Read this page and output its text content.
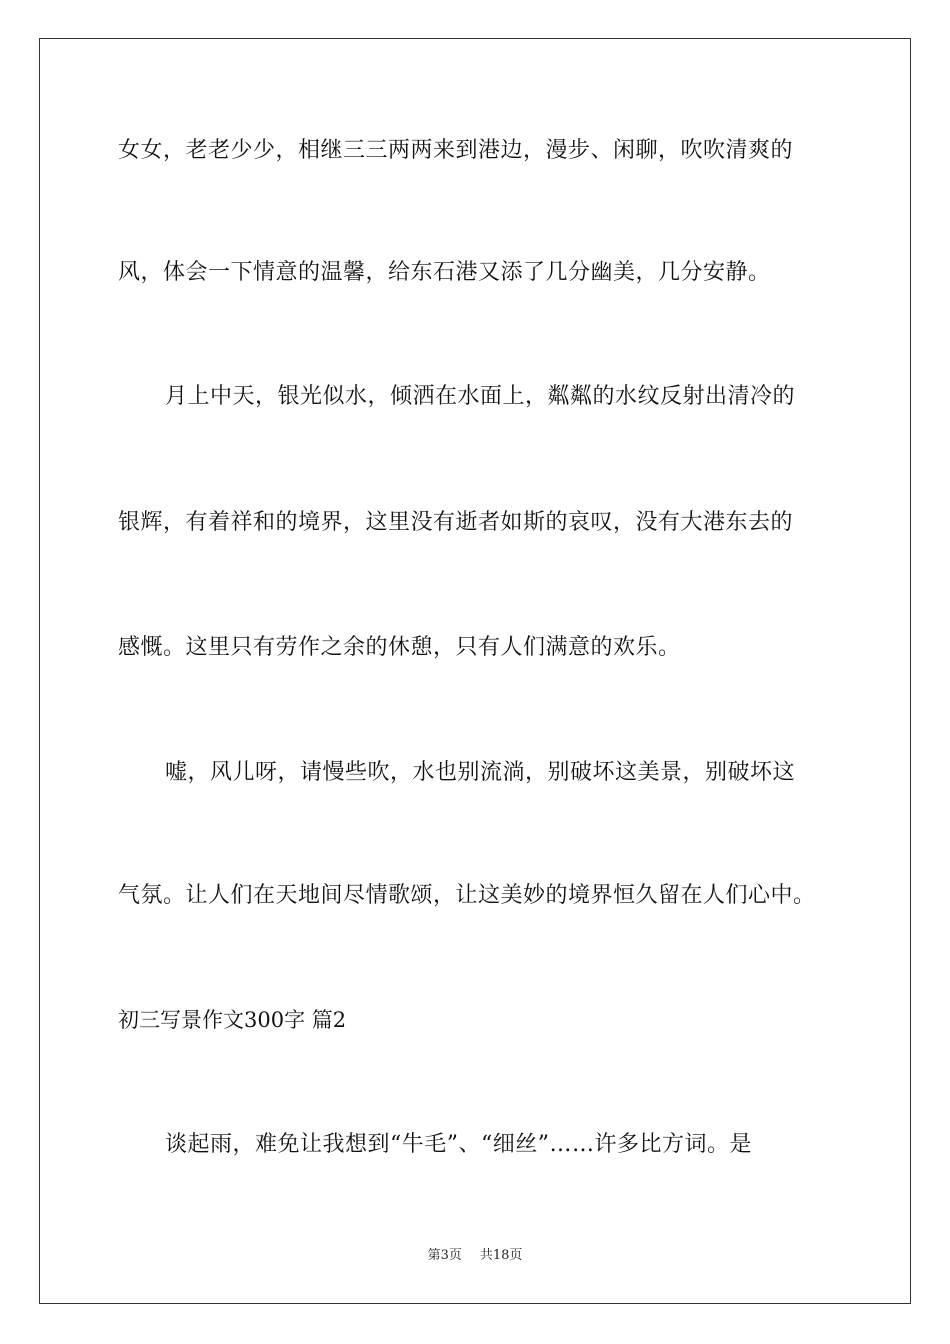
女女，老老少少，相继三三两两来到港边，漫步、闲聊，吹吹清爽的
风，体会一下情意的温馨，给东石港又添了几分幽美，几分安静。
月上中天，银光似水，倾洒在水面上，粼粼的水纹反射出清冷的
银辉，有着祥和的境界，这里没有逝者如斯的哀叹，没有大港东去的
感慨。这里只有劳作之余的休憩，只有人们满意的欢乐。
嘘，风儿呀，请慢些吹，水也别流淌，别破坏这美景，别破坏这
气氛。让人们在天地间尽情歌颂，让这美妙的境界恒久留在人们心中。
初三写景作文300字 篇2
谈起雨，难免让我想到“牛毛”、“细丝”……许多比方词。是
第3页 共18页
